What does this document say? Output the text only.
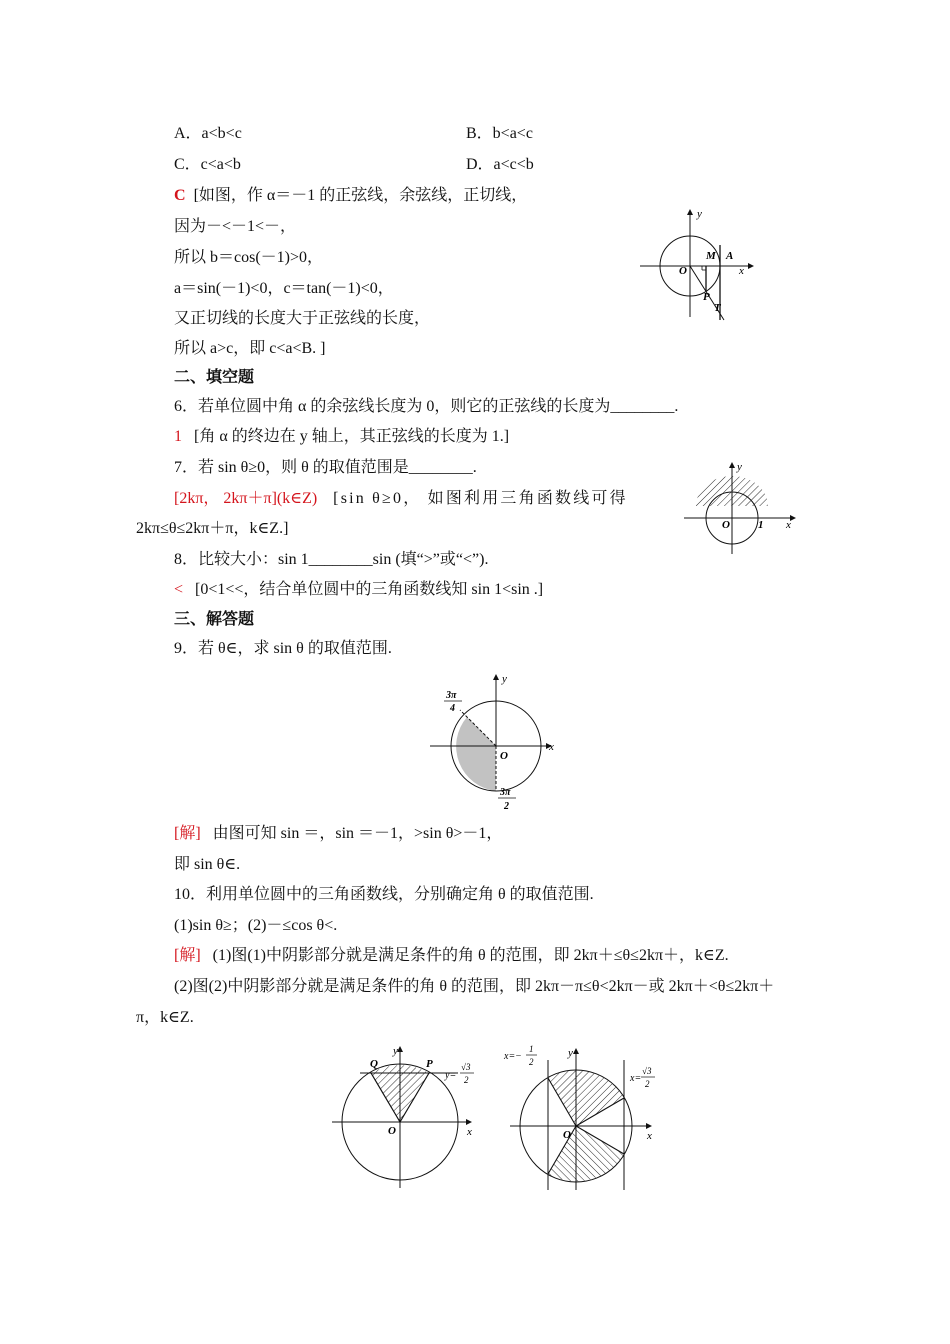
A．a<b<c	B．b<a<c
C．c<a<b	D．a<c<b
C [如图，作 α＝－1 的正弦线，余弦线，正切线，
因为－<－1<－，
所以 b＝cos(－1)>0，
a＝sin(－1)<0，c＝tan(－1)<0，
又正切线的长度大于正弦线的长度，
所以 a>c，即 c<a<B. ]
y
M A
O	x
P
T
二、填空题
6．若单位圆中角 α 的余弦线长度为 0，则它的正弦线的长度为________.
1 [角 α 的终边在 y 轴上，其正弦线的长度为 1.]
7．若 sin θ≥0，则 θ 的取值范围是________.
[2kπ， 2kπ＋π](k∈Z) [sin θ≥0， 如图利用三角函数线可得
2kπ≤θ≤2kπ＋π，k∈Z.]
y
O	1 x
8．比较大小：sin 1________sin (填“>”或“<”).
< [0<1<<，结合单位圆中的三角函数线知 sin 1<sin .]
三、解答题
9．若 θ∈，求 sin θ 的取值范围.
y
O
x
3π
4
3π
2
[解] 由图可知 sin ＝，sin ＝－1，>sin θ>－1，
即 sin θ∈.
10．利用单位圆中的三角函数线，分别确定角 θ 的取值范围.
(1)sin θ≥；(2)－≤cos θ<.
[解] (1)图(1)中阴影部分就是满足条件的角 θ 的范围，即 2kπ＋≤θ≤2kπ＋，k∈Z.
(2)图(2)中阴影部分就是满足条件的角 θ 的范围，即 2kπ－π≤θ<2kπ－或 2kπ＋<θ≤2kπ＋
π，k∈Z.
Q
y
P
y=
√3
2
O	x
x=−
1
2
y
x=
√3
2
O	x
